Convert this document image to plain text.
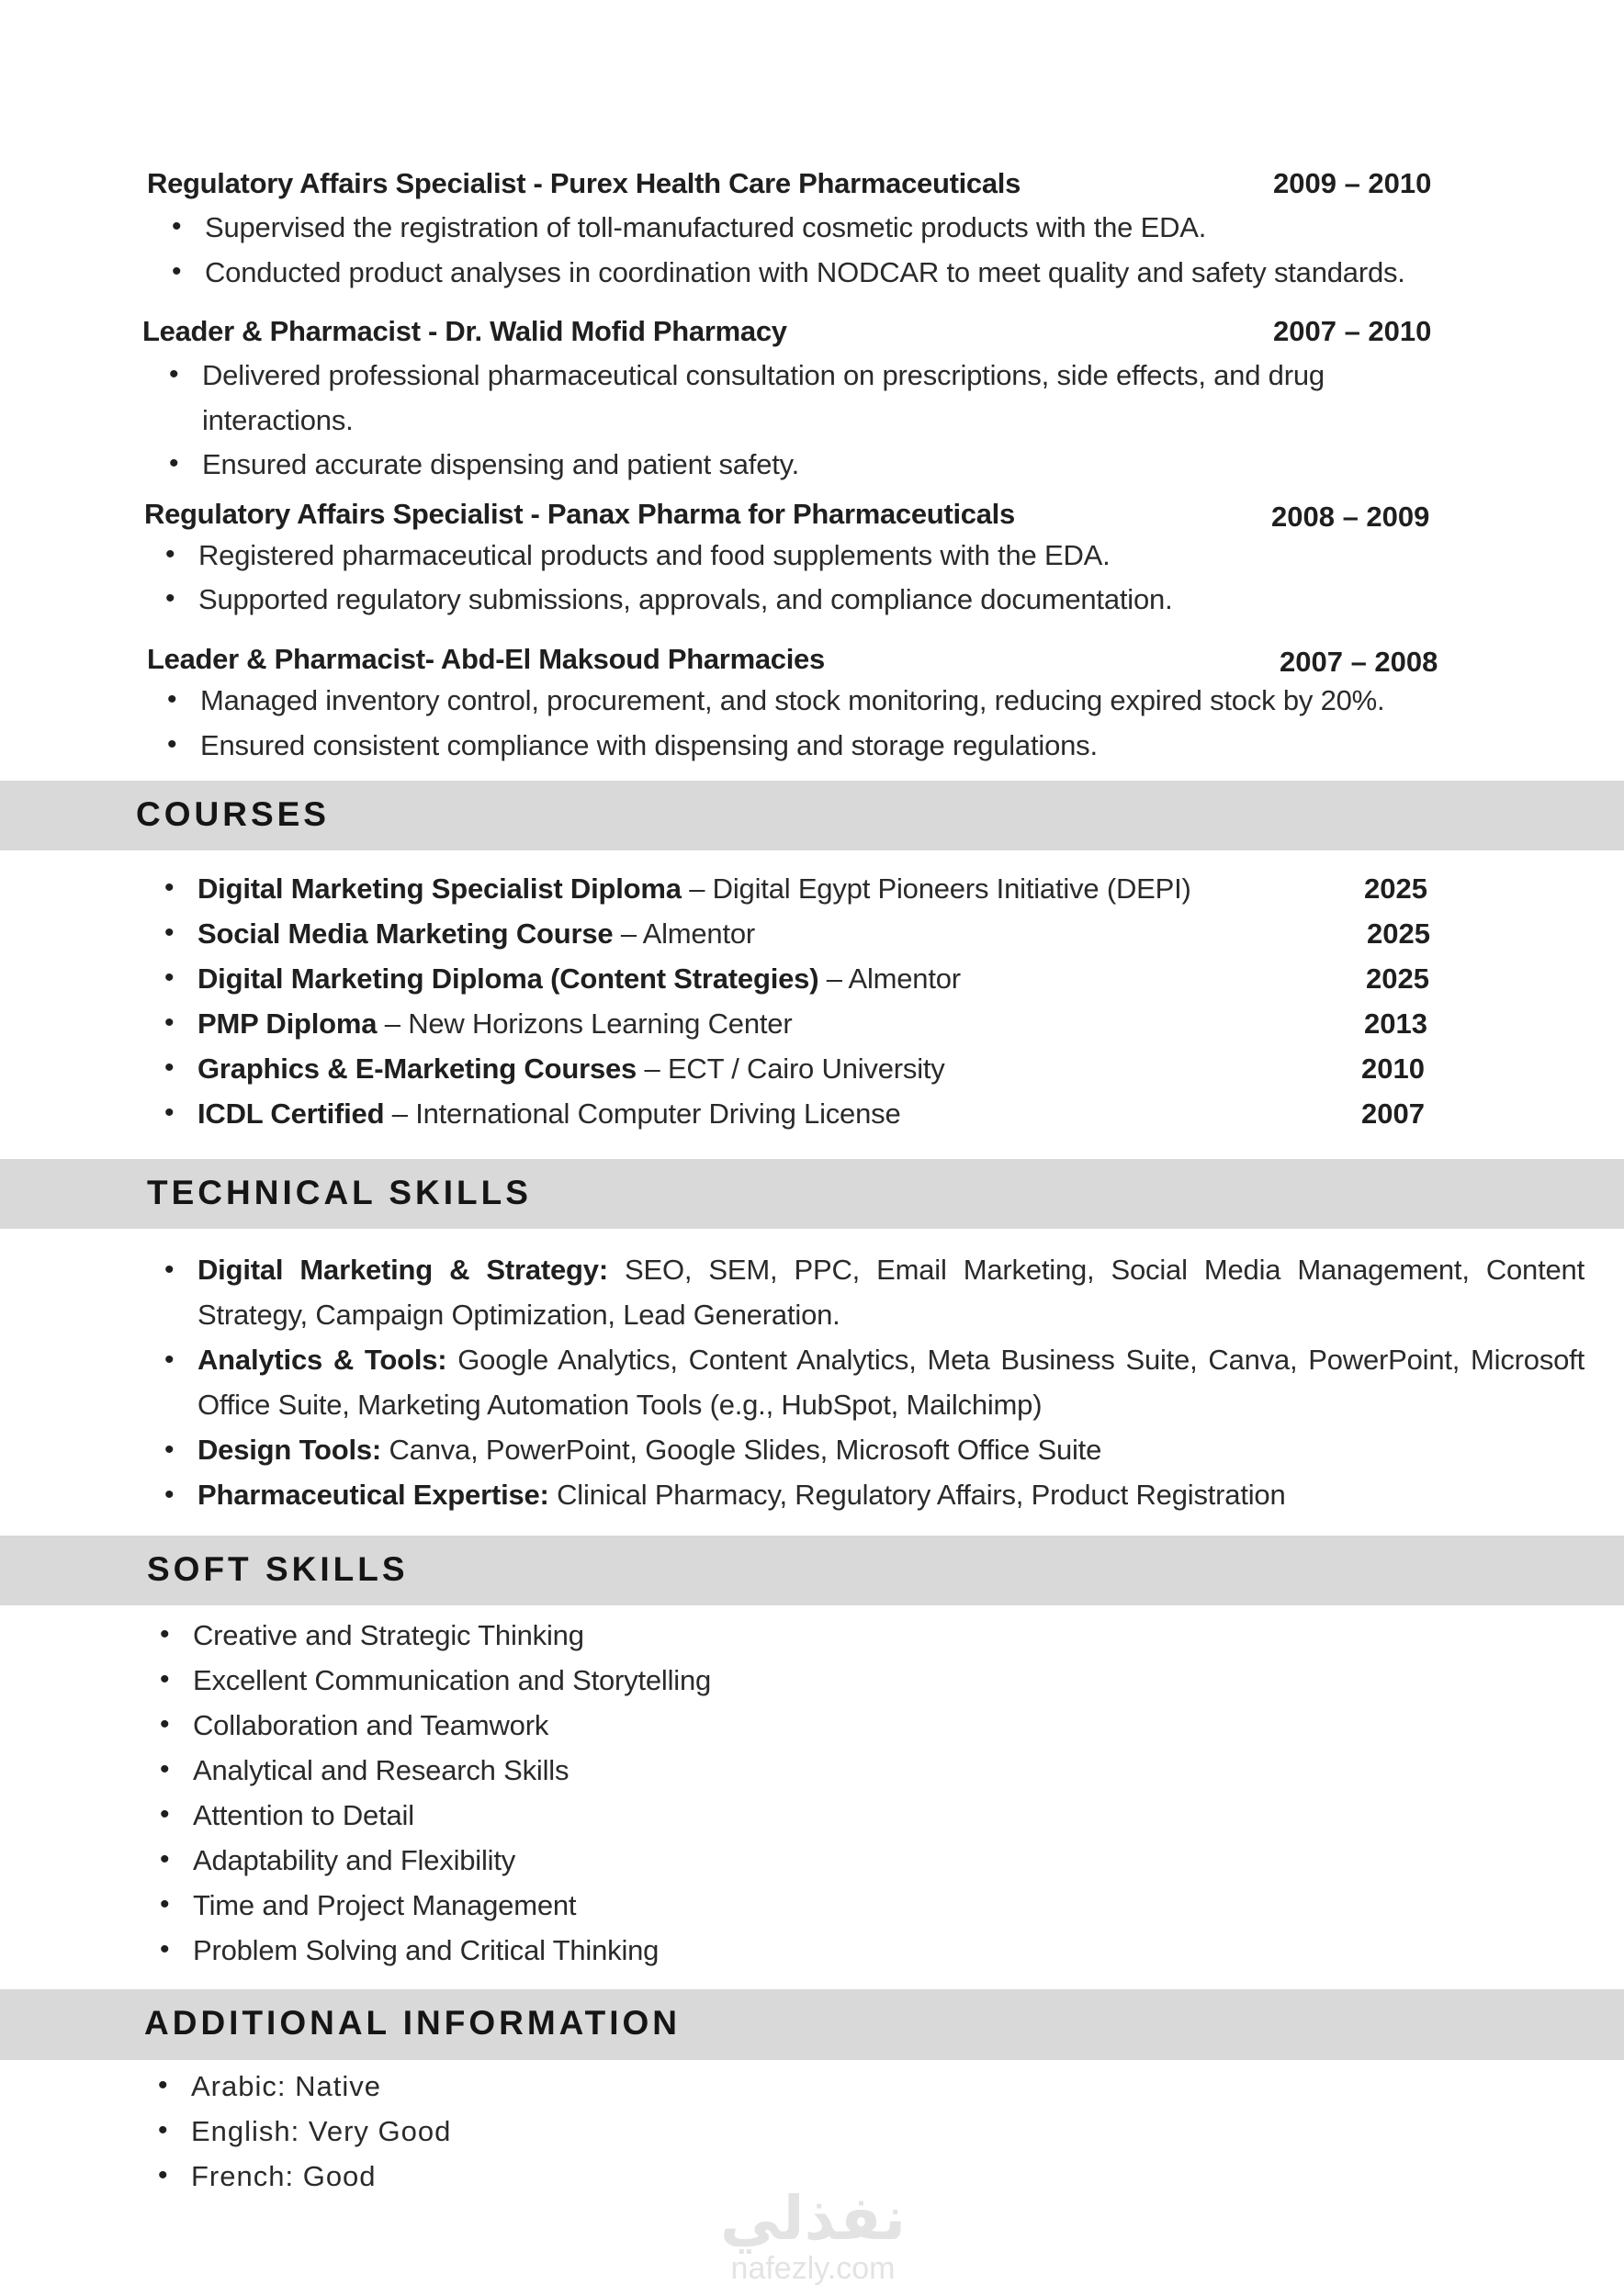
Regulatory Affairs Specialist - Purex Health Care Pharmaceuticals	2009 – 2010
• Supervised the registration of toll-manufactured cosmetic products with the EDA.
• Conducted product analyses in coordination with NODCAR to meet quality and safety standards.
Leader & Pharmacist - Dr. Walid Mofid Pharmacy	2007 – 2010
• Delivered professional pharmaceutical consultation on prescriptions, side effects, and drug
interactions.
• Ensured accurate dispensing and patient safety.
Regulatory Affairs Specialist - Panax Pharma for Pharmaceuticals	2008 – 2009
• Registered pharmaceutical products and food supplements with the EDA.
• Supported regulatory submissions, approvals, and compliance documentation.
Leader & Pharmacist- Abd-El Maksoud Pharmacies	2007 – 2008
• Managed inventory control, procurement, and stock monitoring, reducing expired stock by 20%.
• Ensured consistent compliance with dispensing and storage regulations.
COURSES
• Digital Marketing Specialist Diploma – Digital Egypt Pioneers Initiative (DEPI)	2025
• Social Media Marketing Course – Almentor	2025
• Digital Marketing Diploma (Content Strategies) – Almentor	2025
• PMP Diploma – New Horizons Learning Center	2013
• Graphics & E-Marketing Courses – ECT / Cairo University	2010
• ICDL Certified – International Computer Driving License	2007
TECHNICAL SKILLS
• Digital Marketing & Strategy: SEO, SEM, PPC, Email Marketing, Social Media Management, Content Strategy, Campaign Optimization, Lead Generation.
• Analytics & Tools: Google Analytics, Content Analytics, Meta Business Suite, Canva, PowerPoint, Microsoft Office Suite, Marketing Automation Tools (e.g., HubSpot, Mailchimp)
• Design Tools: Canva, PowerPoint, Google Slides, Microsoft Office Suite
• Pharmaceutical Expertise: Clinical Pharmacy, Regulatory Affairs, Product Registration
SOFT SKILLS
• Creative and Strategic Thinking
• Excellent Communication and Storytelling
• Collaboration and Teamwork
• Analytical and Research Skills
• Attention to Detail
• Adaptability and Flexibility
• Time and Project Management
• Problem Solving and Critical Thinking
ADDITIONAL INFORMATION
• Arabic: Native
• English: Very Good
• French: Good
نفذلي
nafezly.com
